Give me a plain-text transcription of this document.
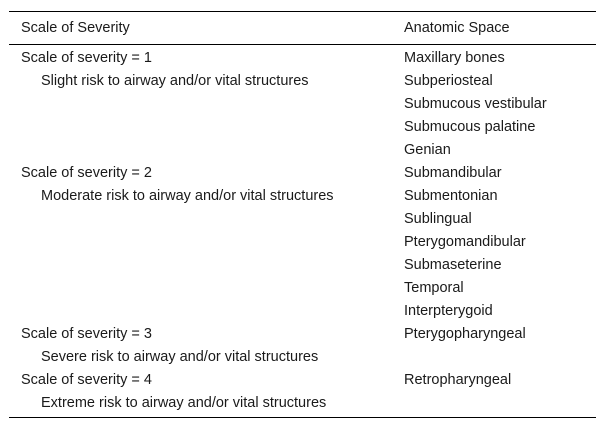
Scale of Severity	Anatomic Space
Scale of severity = 1
Slight risk to airway and/or vital structures
Scale of severity = 2
Moderate risk to airway and/or vital structures
Scale of severity = 3
Severe risk to airway and/or vital structures
Scale of severity = 4
Extreme risk to airway and/or vital structures
Maxillary bones
Subperiosteal
Submucous vestibular
Submucous palatine
Genian
Submandibular
Submentonian
Sublingual
Pterygomandibular
Submaseterine
Temporal
Interpterygoid
Pterygopharyngeal
Retropharyngeal
